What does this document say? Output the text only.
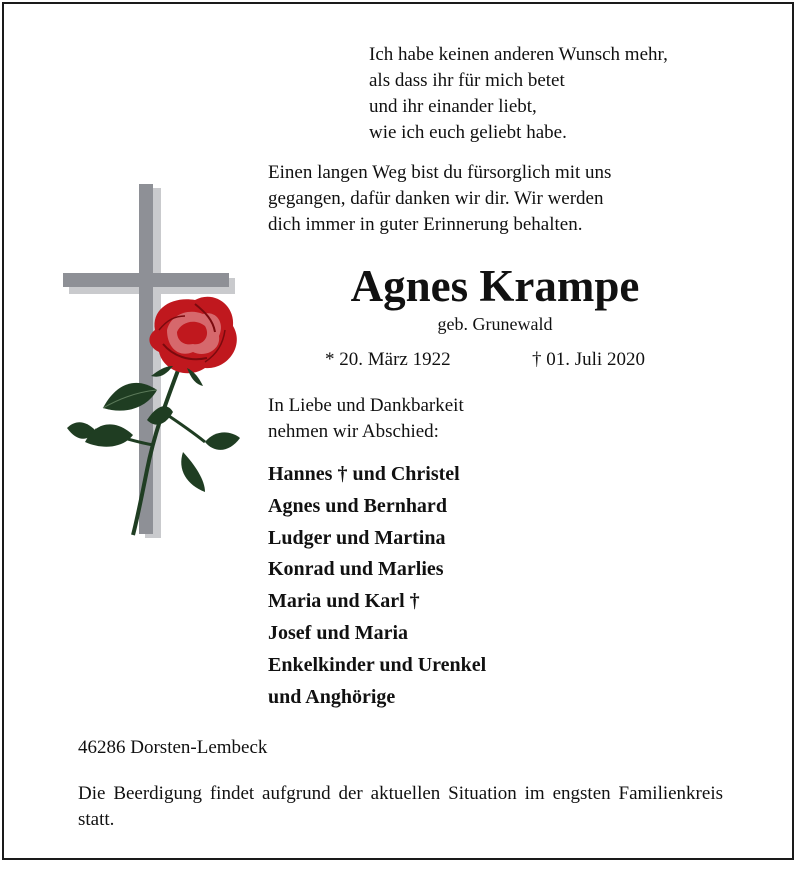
Ich habe keinen anderen Wunsch mehr,
als dass ihr für mich betet
und ihr einander liebt,
wie ich euch geliebt habe.
Einen langen Weg bist du fürsorglich mit uns
gegangen, dafür danken wir dir. Wir werden
dich immer in guter Erinnerung behalten.
Agnes Krampe
geb. Grunewald
* 20. März 1922	† 01. Juli 2020
In Liebe und Dankbarkeit
nehmen wir Abschied:
Hannes † und Christel
Agnes und Bernhard
Ludger und Martina
Konrad und Marlies
Maria und Karl †
Josef und Maria
Enkelkinder und Urenkel
und Anghörige
46286 Dorsten-Lembeck
Die Beerdigung findet aufgrund der aktuellen Situation im engsten Familienkreis statt.
